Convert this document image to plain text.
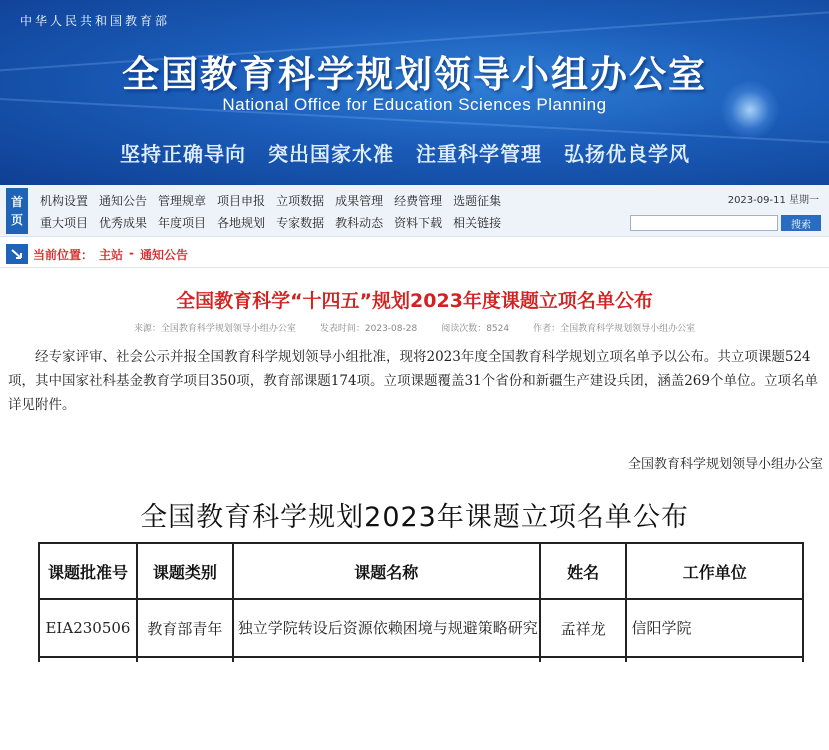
中华人民共和国教育部
全国教育科学规划领导小组办公室
National Office for Education Sciences Planning
坚持正确导向 突出国家水准 注重科学管理 弘扬优良学风
首
页
机构设置 通知公告 管理规章 项目申报 立项数据 成果管理 经费管理 选题征集
重大项目 优秀成果 年度项目 各地规划 专家数据 教科动态 资料下载 相关链接
2023-09-11 星期一
搜索
当前位置： 主站 - 通知公告
全国教育科学“十四五”规划2023年度课题立项名单公布
来源：全国教育科学规划领导小组办公室	发表时间：2023-08-28	阅读次数：8524	作者：全国教育科学规划领导小组办公室

经专家评审、社会公示并报全国教育科学规划领导小组批准，现将2023年度全国教育科学规划立项名单予以公布。共立项课题524项，其中国家社科基金教育学项目350项，教育部课题174项。立项课题覆盖31个省份和新疆生产建设兵团，涵盖269个单位。立项名单详见附件。

全国教育科学规划领导小组办公室
全国教育科学规划2023年课题立项名单公布
课题批准号	课题类别	课题名称	姓名	工作单位
EIA230506	教育部青年	独立学院转设后资源依赖困境与规避策略研究	孟祥龙	信阳学院
